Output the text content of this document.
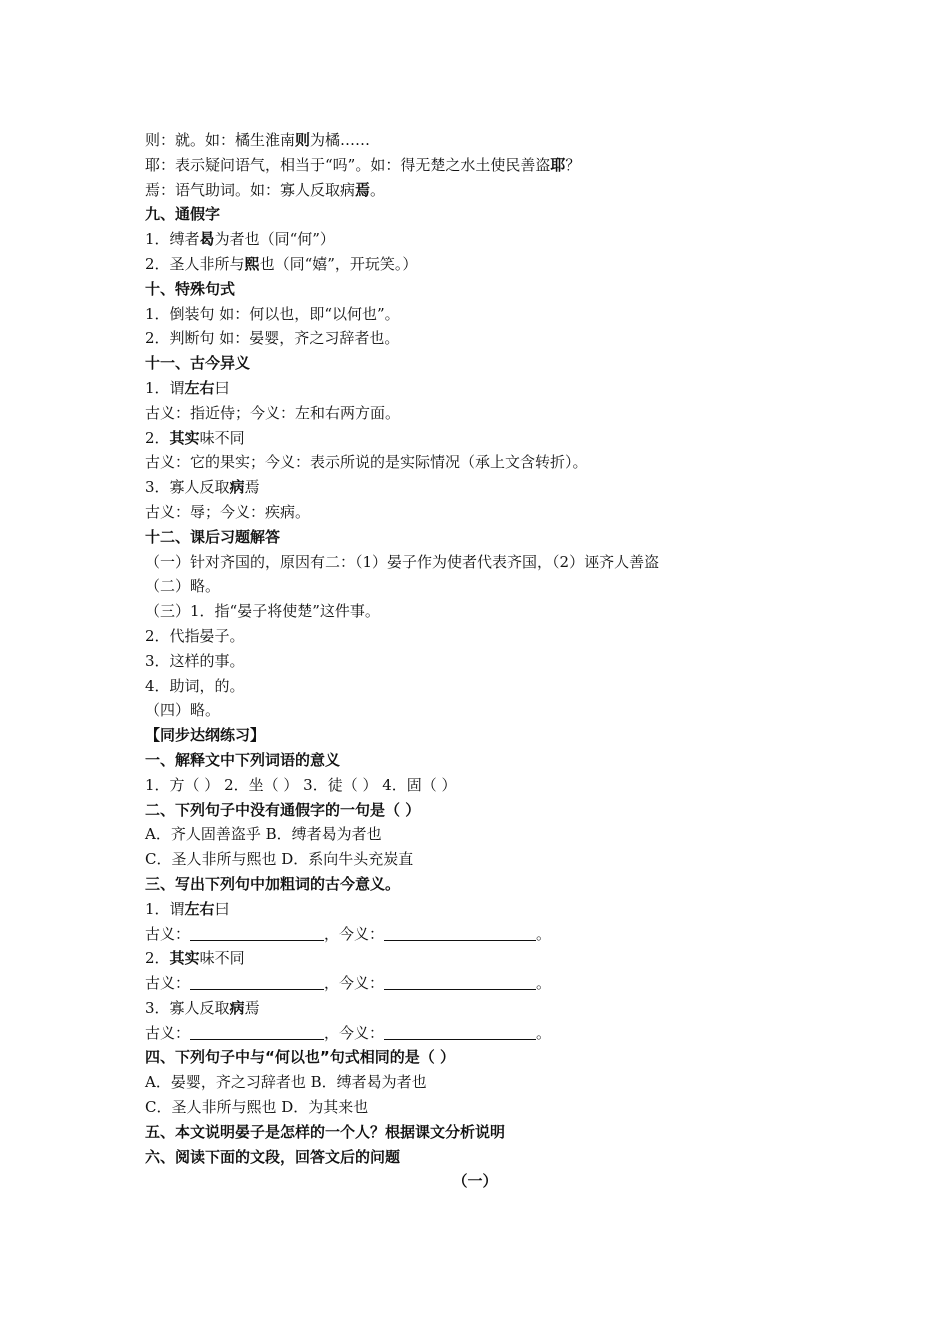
则：就。如：橘生淮南则为橘……
耶：表示疑问语气，相当于“吗”。如：得无楚之水土使民善盗耶？
焉：语气助词。如：寡人反取病焉。
九、通假字
1．缚者曷为者也（同“何”）
2．圣人非所与熙也（同“嬉”，开玩笑。）
十、特殊句式
1．倒装句 如：何以也，即“以何也”。
2．判断句 如：晏婴，齐之习辞者也。
十一、古今异义
1．谓左右曰
古义：指近侍；今义：左和右两方面。
2．其实味不同
古义：它的果实；今义：表示所说的是实际情况（承上文含转折）。
3．寡人反取病焉
古义：辱；今义：疾病。
十二、课后习题解答
（一）针对齐国的，原因有二：（1）晏子作为使者代表齐国，（2）诬齐人善盗
（二）略。
（三）1．指“晏子将使楚”这件事。
2．代指晏子。
3．这样的事。
4．助词，的。
（四）略。
【同步达纲练习】
一、解释文中下列词语的意义
1．方（ ） 2．坐（ ） 3．徒（ ） 4．固（ ）
二、下列句子中没有通假字的一句是（ ）
A．齐人固善盗乎 B．缚者曷为者也
C．圣人非所与熙也 D．系向牛头充炭直
三、写出下列句中加粗词的古今意义。
1．谓左右曰
古义：	，今义：	。
2．其实味不同
古义：	，今义：	。
3．寡人反取病焉
古义：	，今义：	。
四、下列句子中与“何以也”句式相同的是（ ）
A．晏婴，齐之习辞者也 B．缚者曷为者也
C．圣人非所与熙也 D．为其来也
五、本文说明晏子是怎样的一个人？根据课文分析说明
六、阅读下面的文段，回答文后的问题
（一）
